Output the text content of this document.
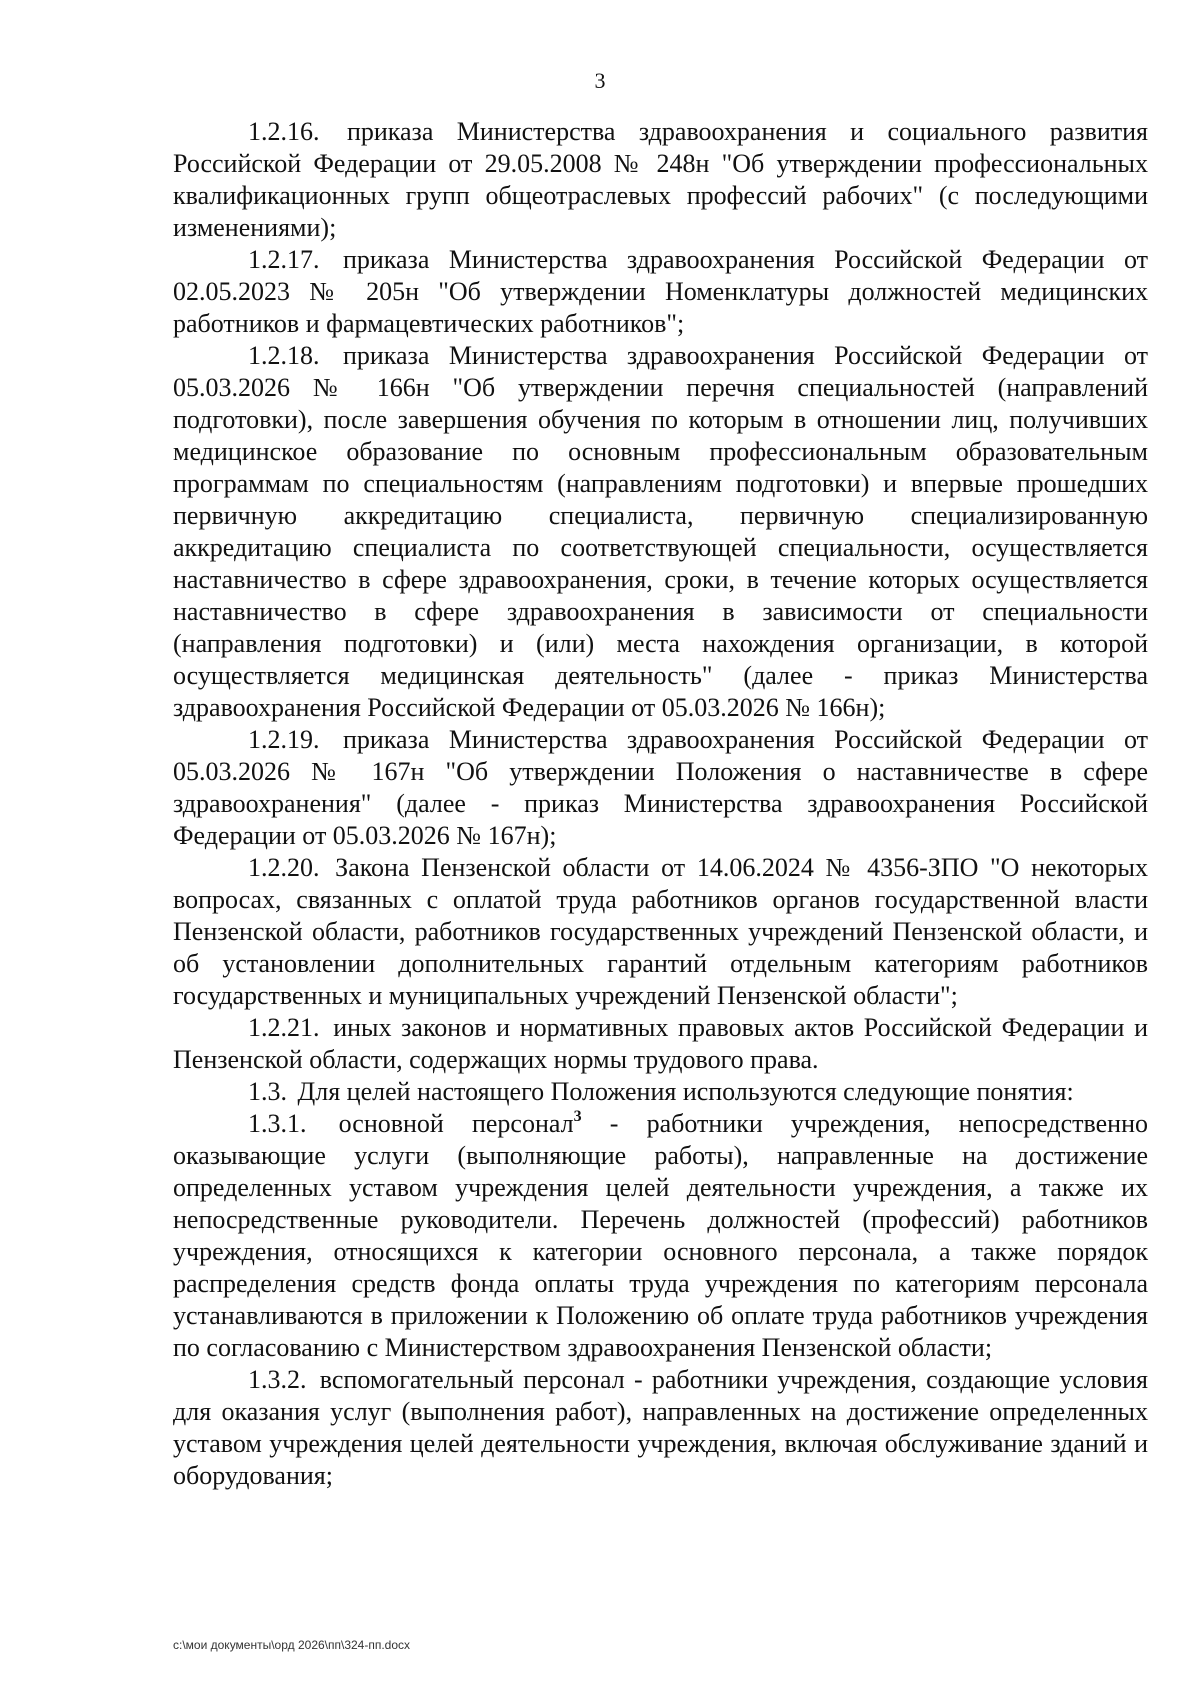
3

1.2.16. приказа Министерства здравоохранения и социального развития Российской Федерации от 29.05.2008 № 248н "Об утверждении профессиональных квалификационных групп общеотраслевых профессий рабочих" (с последующими изменениями);

1.2.17. приказа Министерства здравоохранения Российской Федерации от 02.05.2023 № 205н "Об утверждении Номенклатуры должностей медицинских работников и фармацевтических работников";

1.2.18. приказа Министерства здравоохранения Российской Федерации от 05.03.2026 № 166н "Об утверждении перечня специальностей (направлений подготовки), после завершения обучения по которым в отношении лиц, получивших медицинское образование по основным профессиональным образовательным программам по специальностям (направлениям подготовки) и впервые прошедших первичную аккредитацию специалиста, первичную специализированную аккредитацию специалиста по соответствующей специальности, осуществляется наставничество в сфере здравоохранения, сроки, в течение которых осуществляется наставничество в сфере здравоохранения в зависимости от специальности (направления подготовки) и (или) места нахождения организации, в которой осуществляется медицинская деятельность" (далее - приказ Министерства здравоохранения Российской Федерации от 05.03.2026 № 166н);

1.2.19. приказа Министерства здравоохранения Российской Федерации от 05.03.2026 № 167н "Об утверждении Положения о наставничестве в сфере здравоохранения" (далее - приказ Министерства здравоохранения Российской Федерации от 05.03.2026 № 167н);

1.2.20. Закона Пензенской области от 14.06.2024 № 4356-ЗПО "О некоторых вопросах, связанных с оплатой труда работников органов государственной власти Пензенской области, работников государственных учреждений Пензенской области, и об установлении дополнительных гарантий отдельным категориям работников государственных и муниципальных учреждений Пензенской области";

1.2.21. иных законов и нормативных правовых актов Российской Федерации и Пензенской области, содержащих нормы трудового права.

1.3. Для целей настоящего Положения используются следующие понятия:

1.3.1. основной персонал$^3$ - работники учреждения, непосредственно оказывающие услуги (выполняющие работы), направленные на достижение определенных уставом учреждения целей деятельности учреждения, а также их непосредственные руководители. Перечень должностей (профессий) работников учреждения, относящихся к категории основного персонала, а также порядок распределения средств фонда оплаты труда учреждения по категориям персонала устанавливаются в приложении к Положению об оплате труда работников учреждения по согласованию с Министерством здравоохранения Пензенской области;

1.3.2. вспомогательный персонал - работники учреждения, создающие условия для оказания услуг (выполнения работ), направленных на достижение определенных уставом учреждения целей деятельности учреждения, включая обслуживание зданий и оборудования;

c:\мои документы\орд 2026\пп\324-пп.docx
